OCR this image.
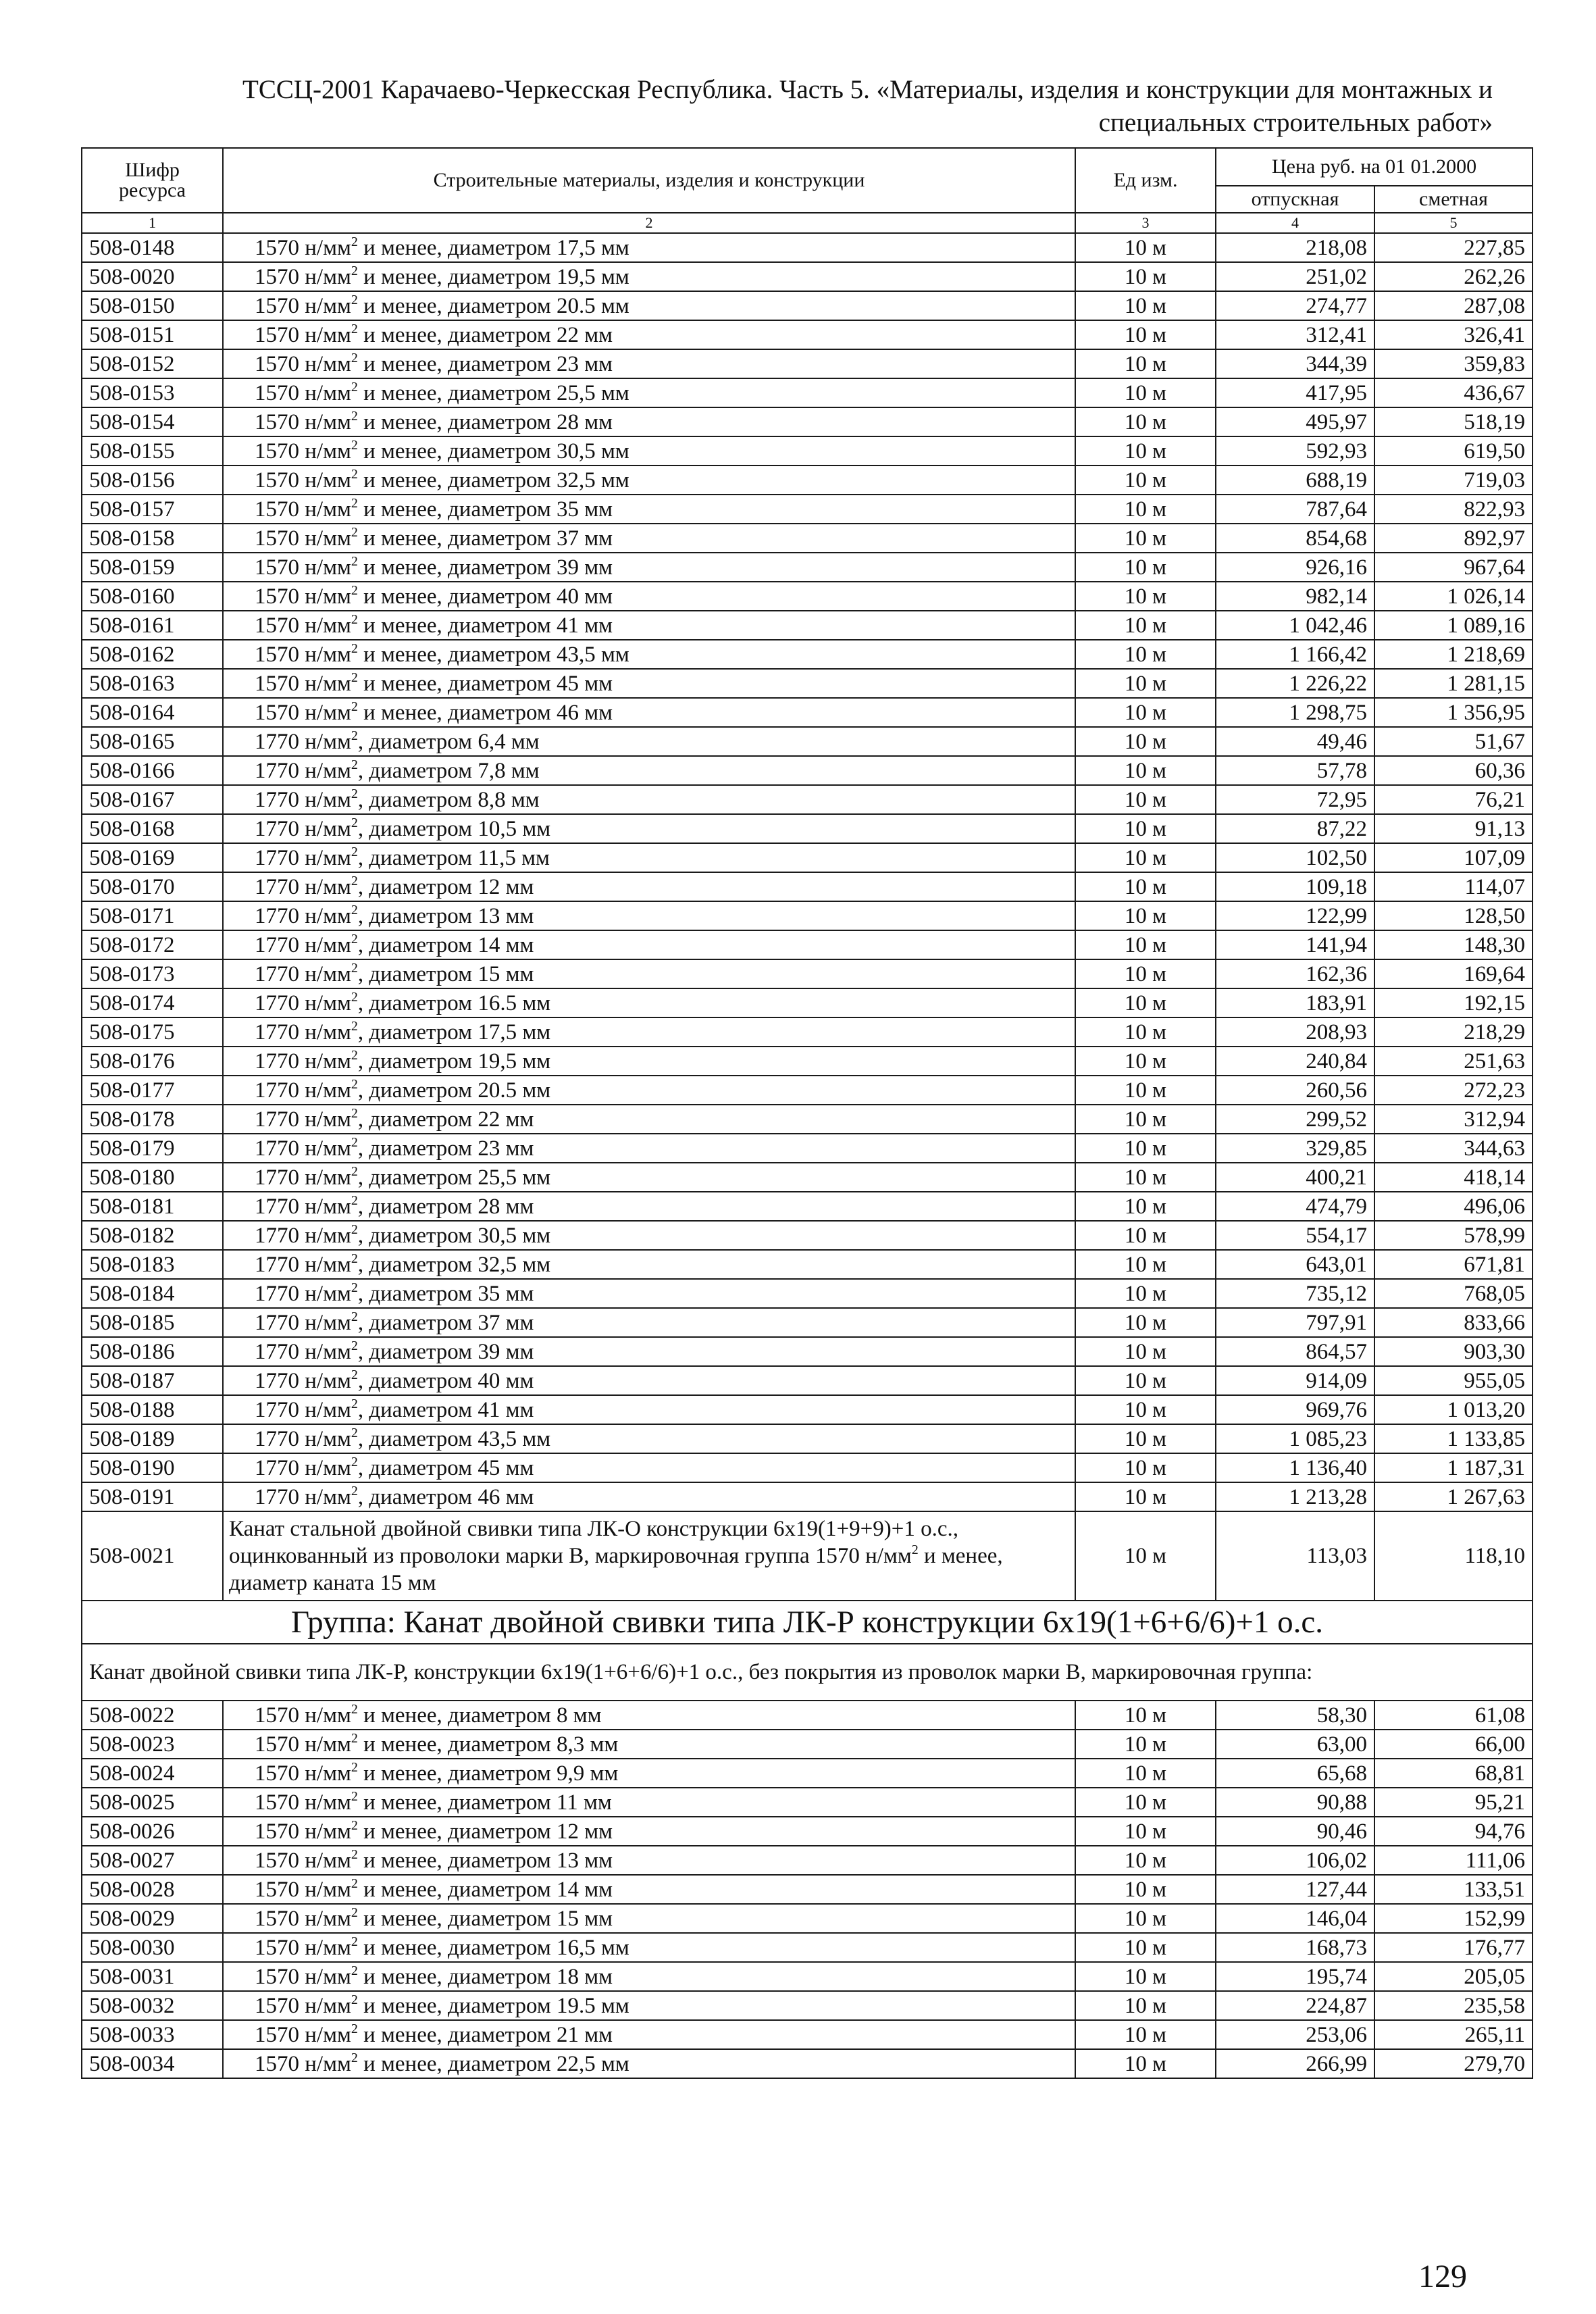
ТССЦ-2001 Карачаево-Черкесская Республика. Часть 5. «Материалы, изделия и конструкции для монтажных и
специальных строительных работ»
Шифр ресурса	Строительные материалы, изделия и конструкции	Ед изм.	Цена руб. на 01 01.2000	
			отпускная	сметная
1	2	3	4	5
508-0148	1570 $н/мм^2$ и менее, диаметром 17,5 мм	10 м	218,08	227,85
508-0020	1570 $н/мм^2$ и менее, диаметром 19,5 мм	10 м	251,02	262,26
508-0150	1570 $н/мм^2$ и менее, диаметром 20.5 мм	10 м	274,77	287,08
508-0151	1570 $н/мм^2$ и менее, диаметром 22 мм	10 м	312,41	326,41
508-0152	1570 $н/мм^2$ и менее, диаметром 23 мм	10 м	344,39	359,83
508-0153	1570 $н/мм^2$ и менее, диаметром 25,5 мм	10 м	417,95	436,67
508-0154	1570 $н/мм^2$ и менее, диаметром 28 мм	10 м	495,97	518,19
508-0155	1570 $н/мм^2$ и менее, диаметром 30,5 мм	10 м	592,93	619,50
508-0156	1570 $н/мм^2$ и менее, диаметром 32,5 мм	10 м	688,19	719,03
508-0157	1570 $н/мм^2$ и менее, диаметром 35 мм	10 м	787,64	822,93
508-0158	1570 $н/мм^2$ и менее, диаметром 37 мм	10 м	854,68	892,97
508-0159	1570 $н/мм^2$ и менее, диаметром 39 мм	10 м	926,16	967,64
508-0160	1570 $н/мм^2$ и менее, диаметром 40 мм	10 м	982,14	1 026,14
508-0161	1570 $н/мм^2$ и менее, диаметром 41 мм	10 м	1 042,46	1 089,16
508-0162	1570 $н/мм^2$ и менее, диаметром 43,5 мм	10 м	1 166,42	1 218,69
508-0163	1570 $н/мм^2$ и менее, диаметром 45 мм	10 м	1 226,22	1 281,15
508-0164	1570 $н/мм^2$ и менее, диаметром 46 мм	10 м	1 298,75	1 356,95
508-0165	1770 $н/мм^2$, диаметром 6,4 мм	10 м	49,46	51,67
508-0166	1770 $н/мм^2$, диаметром 7,8 мм	10 м	57,78	60,36
508-0167	1770 $н/мм^2$, диаметром 8,8 мм	10 м	72,95	76,21
508-0168	1770 $н/мм^2$, диаметром 10,5 мм	10 м	87,22	91,13
508-0169	1770 $н/мм^2$, диаметром 11,5 мм	10 м	102,50	107,09
508-0170	1770 $н/мм^2$, диаметром 12 мм	10 м	109,18	114,07
508-0171	1770 $н/мм^2$, диаметром 13 мм	10 м	122,99	128,50
508-0172	1770 $н/мм^2$, диаметром 14 мм	10 м	141,94	148,30
508-0173	1770 $н/мм^2$, диаметром 15 мм	10 м	162,36	169,64
508-0174	1770 $н/мм^2$, диаметром 16.5 мм	10 м	183,91	192,15
508-0175	1770 $н/мм^2$, диаметром 17,5 мм	10 м	208,93	218,29
508-0176	1770 $н/мм^2$, диаметром 19,5 мм	10 м	240,84	251,63
508-0177	1770 $н/мм^2$, диаметром 20.5 мм	10 м	260,56	272,23
508-0178	1770 $н/мм^2$, диаметром 22 мм	10 м	299,52	312,94
508-0179	1770 $н/мм^2$, диаметром 23 мм	10 м	329,85	344,63
508-0180	1770 $н/мм^2$, диаметром 25,5 мм	10 м	400,21	418,14
508-0181	1770 $н/мм^2$, диаметром 28 мм	10 м	474,79	496,06
508-0182	1770 $н/мм^2$, диаметром 30,5 мм	10 м	554,17	578,99
508-0183	1770 $н/мм^2$, диаметром 32,5 мм	10 м	643,01	671,81
508-0184	1770 $н/мм^2$, диаметром 35 мм	10 м	735,12	768,05
508-0185	1770 $н/мм^2$, диаметром 37 мм	10 м	797,91	833,66
508-0186	1770 $н/мм^2$, диаметром 39 мм	10 м	864,57	903,30
508-0187	1770 $н/мм^2$, диаметром 40 мм	10 м	914,09	955,05
508-0188	1770 $н/мм^2$, диаметром 41 мм	10 м	969,76	1 013,20
508-0189	1770 $н/мм^2$, диаметром 43,5 мм	10 м	1 085,23	1 133,85
508-0190	1770 $н/мм^2$, диаметром 45 мм	10 м	1 136,40	1 187,31
508-0191	1770 $н/мм^2$, диаметром 46 мм	10 м	1 213,28	1 267,63
508-0021	Канат стальной двойной свивки типа ЛК-О конструкции 6х19(1+9+9)+1 о.с., оцинкованный из проволоки марки В, маркировочная группа 1570 $н/мм^2$ и менее, диаметр каната 15 мм	10 м	113,03	118,10
Группа: Канат двойной свивки типа ЛК-Р конструкции 6х19(1+6+6/6)+1 о.с.				
Канат двойной свивки типа ЛК-Р, конструкции 6х19(1+6+6/6)+1 о.с., без покрытия из проволок марки В, маркировочная группа:				
508-0022	1570 $н/мм^2$ и менее, диаметром 8 мм	10 м	58,30	61,08
508-0023	1570 $н/мм^2$ и менее, диаметром 8,3 мм	10 м	63,00	66,00
508-0024	1570 $н/мм^2$ и менее, диаметром 9,9 мм	10 м	65,68	68,81
508-0025	1570 $н/мм^2$ и менее, диаметром 11 мм	10 м	90,88	95,21
508-0026	1570 $н/мм^2$ и менее, диаметром 12 мм	10 м	90,46	94,76
508-0027	1570 $н/мм^2$ и менее, диаметром 13 мм	10 м	106,02	111,06
508-0028	1570 $н/мм^2$ и менее, диаметром 14 мм	10 м	127,44	133,51
508-0029	1570 $н/мм^2$ и менее, диаметром 15 мм	10 м	146,04	152,99
508-0030	1570 $н/мм^2$ и менее, диаметром 16,5 мм	10 м	168,73	176,77
508-0031	1570 $н/мм^2$ и менее, диаметром 18 мм	10 м	195,74	205,05
508-0032	1570 $н/мм^2$ и менее, диаметром 19.5 мм	10 м	224,87	235,58
508-0033	1570 $н/мм^2$ и менее, диаметром 21 мм	10 м	253,06	265,11
508-0034	1570 $н/мм^2$ и менее, диаметром 22,5 мм	10 м	266,99	279,70
129
